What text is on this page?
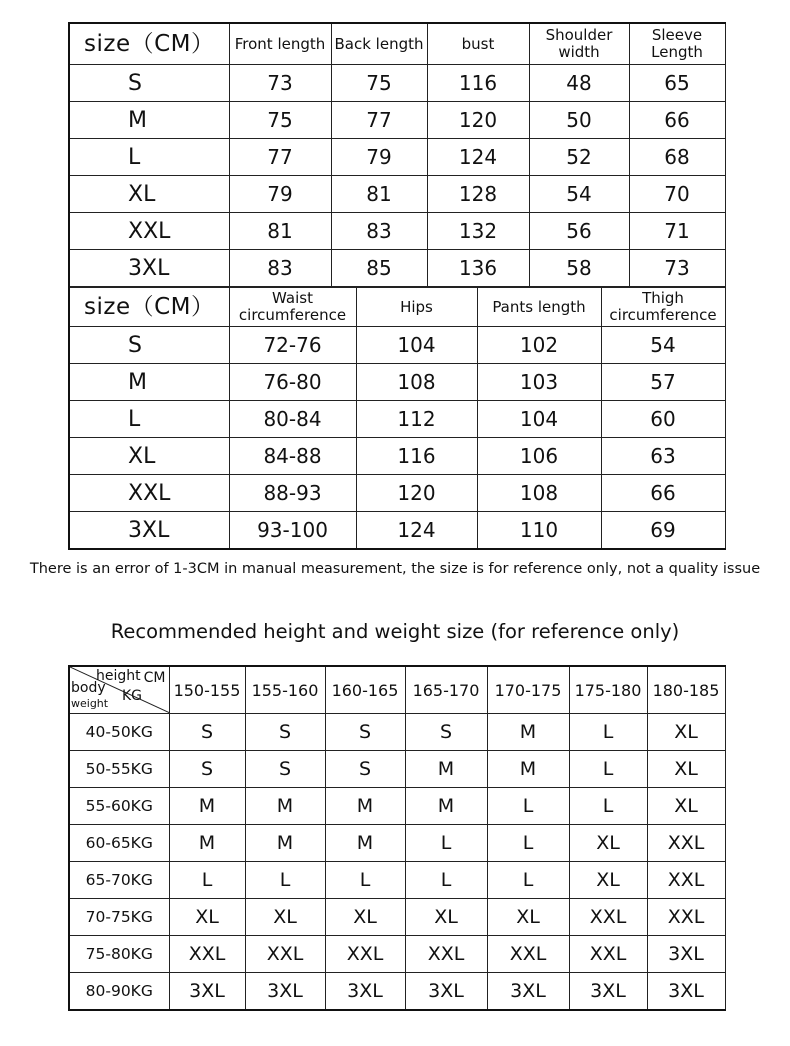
size（CM）	Front length	Back length	bust	Shoulder width	Sleeve Length
S	73	75	116	48	65
M	75	77	120	50	66
L	77	79	124	52	68
XL	79	81	128	54	70
XXL	81	83	132	56	71
3XL	83	85	136	58	73
size（CM）	Waist circumference	Hips	Pants length	Thigh circumference
S	72-76	104	102	54
M	76-80	108	103	57
L	80-84	112	104	60
XL	84-88	116	106	63
XXL	88-93	120	108	66
3XL	93-100	124	110	69
There is an error of 1-3CM in manual measurement, the size is for reference only, not a quality issue
Recommended height and weight size (for reference only)
height CM
body KG
weight	150-155	155-160	160-165	165-170	170-175	175-180	180-185
40-50KG	S	S	S	S	M	L	XL
50-55KG	S	S	S	M	M	L	XL
55-60KG	M	M	M	M	L	L	XL
60-65KG	M	M	M	L	L	XL	XXL
65-70KG	L	L	L	L	L	XL	XXL
70-75KG	XL	XL	XL	XL	XL	XXL	XXL
75-80KG	XXL	XXL	XXL	XXL	XXL	XXL	3XL
80-90KG	3XL	3XL	3XL	3XL	3XL	3XL	3XL
